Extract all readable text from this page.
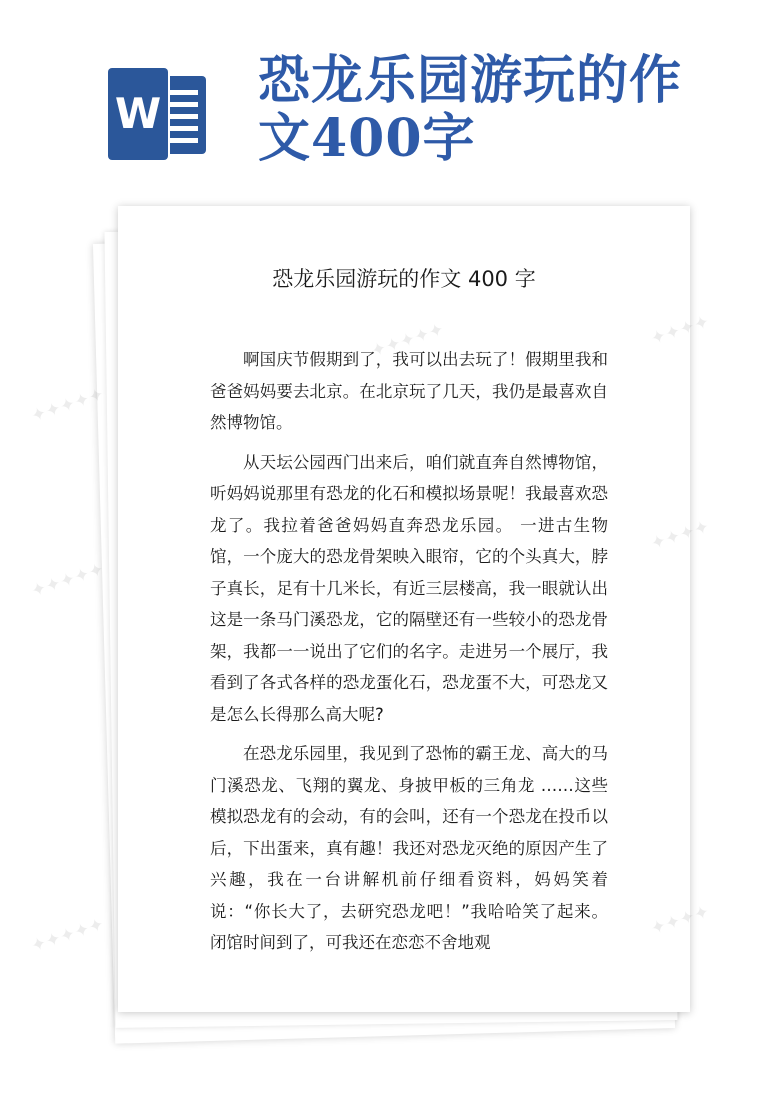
W
恐龙乐园游玩的作文400字
恐龙乐园游玩的作文 400 字

啊国庆节假期到了，我可以出去玩了！假期里我和爸爸妈妈要去北京。在北京玩了几天，我仍是最喜欢自然博物馆。

从天坛公园西门出来后，咱们就直奔自然博物馆，听妈妈说那里有恐龙的化石和模拟场景呢！我最喜欢恐龙了。我拉着爸爸妈妈直奔恐龙乐园。 一进古生物馆，一个庞大的恐龙骨架映入眼帘，它的个头真大，脖子真长，足有十几米长，有近三层楼高，我一眼就认出这是一条马门溪恐龙，它的隔壁还有一些较小的恐龙骨架，我都一一说出了它们的名字。走进另一个展厅，我看到了各式各样的恐龙蛋化石，恐龙蛋不大，可恐龙又是怎么长得那么高大呢?

在恐龙乐园里，我见到了恐怖的霸王龙、高大的马门溪恐龙、飞翔的翼龙、身披甲板的三角龙 ……这些模拟恐龙有的会动，有的会叫，还有一个恐龙在投币以后，下出蛋来，真有趣！我还对恐龙灭绝的原因产生了兴趣，我在一台讲解机前仔细看资料，妈妈笑着说：“你长大了，去研究恐龙吧！”我哈哈笑了起来。 闭馆时间到了，可我还在恋恋不舍地观

✦✦✦✦✦
✦✦✦✦✦
✦✦✦✦✦
